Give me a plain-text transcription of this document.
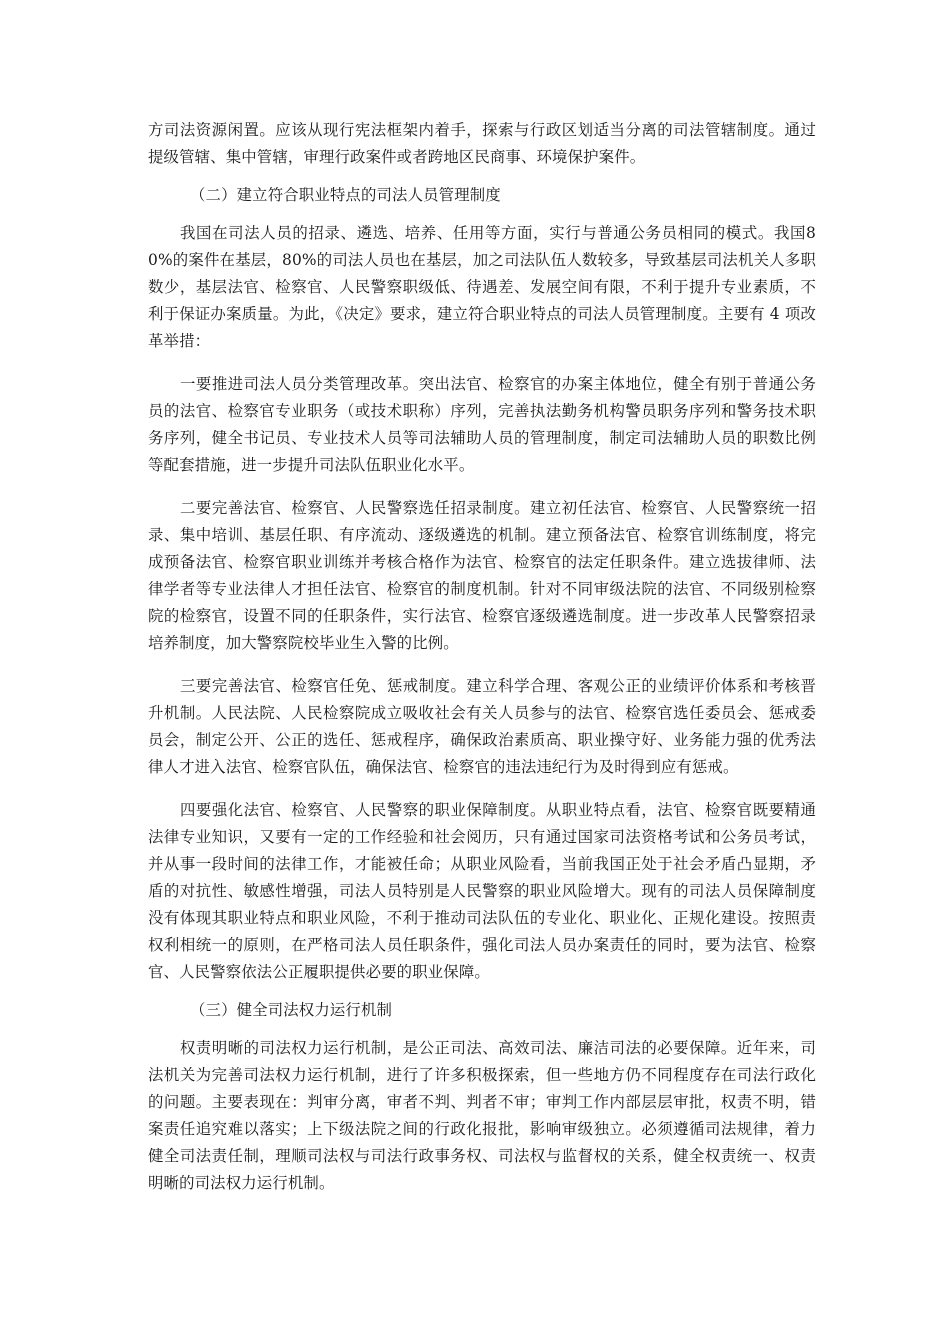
方司法资源闲置。应该从现行宪法框架内着手，探索与行政区划适当分离的司法管辖制度。通过提级管辖、集中管辖，审理行政案件或者跨地区民商事、环境保护案件。

（二）建立符合职业特点的司法人员管理制度

我国在司法人员的招录、遴选、培养、任用等方面，实行与普通公务员相同的模式。我国80%的案件在基层，80%的司法人员也在基层，加之司法队伍人数较多，导致基层司法机关人多职数少，基层法官、检察官、人民警察职级低、待遇差、发展空间有限，不利于提升专业素质，不利于保证办案质量。为此，《决定》要求，建立符合职业特点的司法人员管理制度。主要有 4 项改革举措：

一要推进司法人员分类管理改革。突出法官、检察官的办案主体地位，健全有别于普通公务员的法官、检察官专业职务（或技术职称）序列，完善执法勤务机构警员职务序列和警务技术职务序列，健全书记员、专业技术人员等司法辅助人员的管理制度，制定司法辅助人员的职数比例等配套措施，进一步提升司法队伍职业化水平。

二要完善法官、检察官、人民警察选任招录制度。建立初任法官、检察官、人民警察统一招录、集中培训、基层任职、有序流动、逐级遴选的机制。建立预备法官、检察官训练制度，将完成预备法官、检察官职业训练并考核合格作为法官、检察官的法定任职条件。建立选拔律师、法律学者等专业法律人才担任法官、检察官的制度机制。针对不同审级法院的法官、不同级别检察院的检察官，设置不同的任职条件，实行法官、检察官逐级遴选制度。进一步改革人民警察招录培养制度，加大警察院校毕业生入警的比例。

三要完善法官、检察官任免、惩戒制度。建立科学合理、客观公正的业绩评价体系和考核晋升机制。人民法院、人民检察院成立吸收社会有关人员参与的法官、检察官选任委员会、惩戒委员会，制定公开、公正的选任、惩戒程序，确保政治素质高、职业操守好、业务能力强的优秀法律人才进入法官、检察官队伍，确保法官、检察官的违法违纪行为及时得到应有惩戒。

四要强化法官、检察官、人民警察的职业保障制度。从职业特点看，法官、检察官既要精通法律专业知识，又要有一定的工作经验和社会阅历，只有通过国家司法资格考试和公务员考试，并从事一段时间的法律工作，才能被任命；从职业风险看，当前我国正处于社会矛盾凸显期，矛盾的对抗性、敏感性增强，司法人员特别是人民警察的职业风险增大。现有的司法人员保障制度没有体现其职业特点和职业风险，不利于推动司法队伍的专业化、职业化、正规化建设。按照责权利相统一的原则，在严格司法人员任职条件，强化司法人员办案责任的同时，要为法官、检察官、人民警察依法公正履职提供必要的职业保障。

（三）健全司法权力运行机制

权责明晰的司法权力运行机制，是公正司法、高效司法、廉洁司法的必要保障。近年来，司法机关为完善司法权力运行机制，进行了许多积极探索，但一些地方仍不同程度存在司法行政化的问题。主要表现在：判审分离，审者不判、判者不审；审判工作内部层层审批，权责不明，错案责任追究难以落实；上下级法院之间的行政化报批，影响审级独立。必须遵循司法规律，着力健全司法责任制，理顺司法权与司法行政事务权、司法权与监督权的关系，健全权责统一、权责明晰的司法权力运行机制。
